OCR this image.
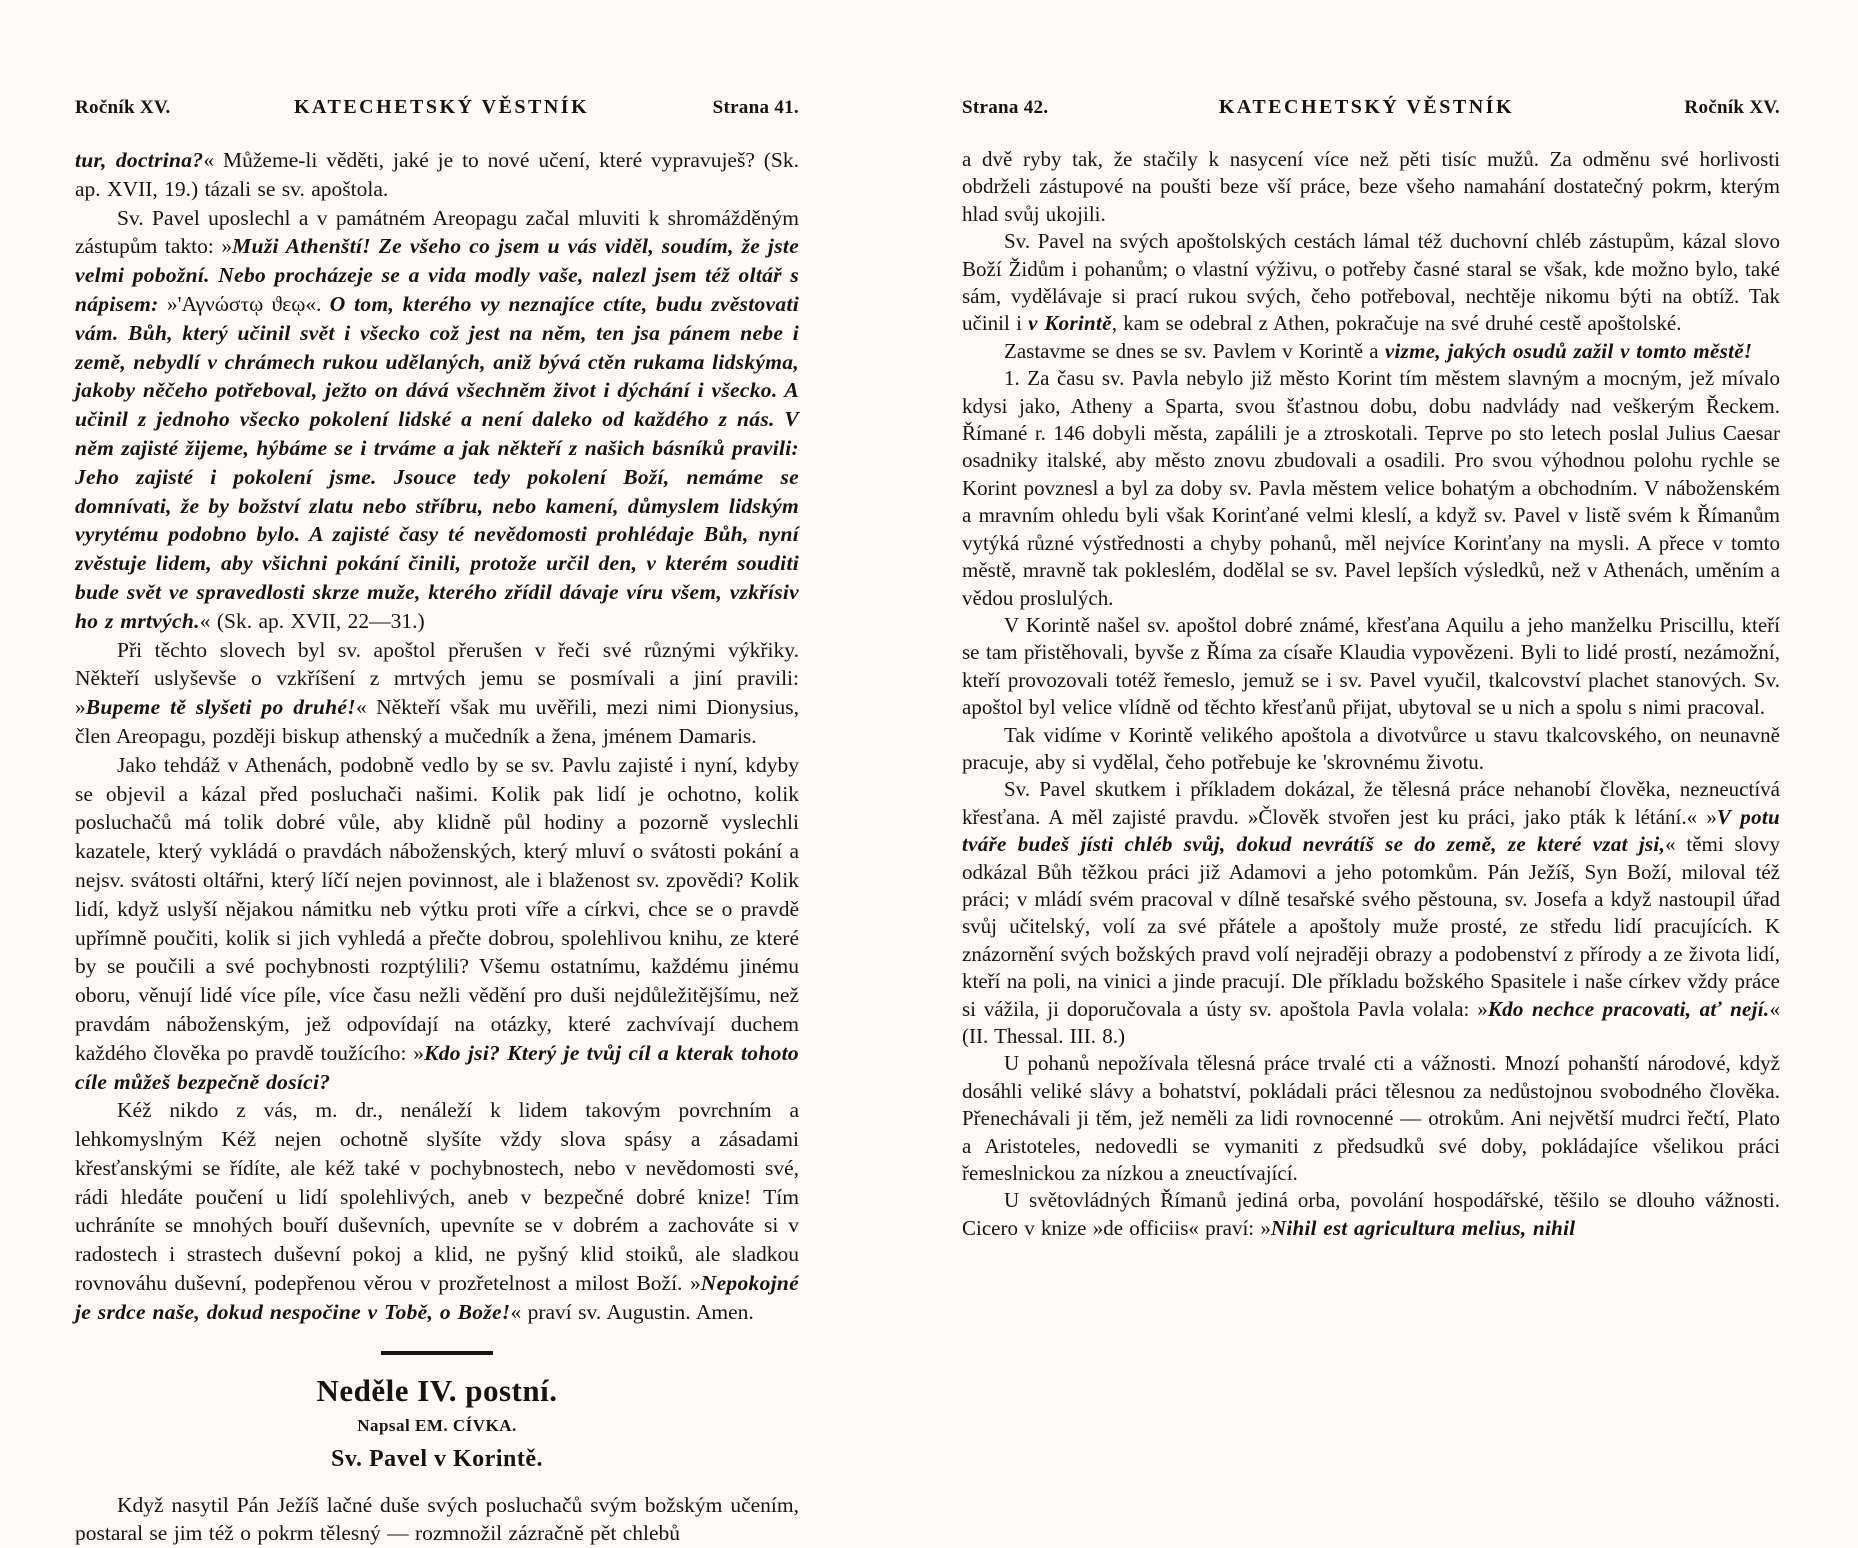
Ročník XV.	KATECHETSKÝ VĚSTNÍK	Strana 41.

tur, doctrina?« Můžeme-li věděti, jaké je to nové učení, které vypravuješ? (Sk. ap. XVII, 19.) tázali se sv. apoštola.

Sv. Pavel uposlechl a v památném Areopagu začal mluviti k shromážděným zástupům takto: »Muži Athenští! Ze všeho co jsem u vás viděl, soudím, že jste velmi pobožní. Nebo procházeje se a vida modly vaše, nalezl jsem též oltář s nápisem: »'Αγνώστῳ ϑεῳ«. O tom, kterého vy neznajíce ctíte, budu zvěstovati vám. Bůh, který učinil svět i všecko což jest na něm, ten jsa pánem nebe i země, nebydlí v chrámech rukou udělaných, aniž bývá ctěn rukama lidskýma, jakoby něčeho potřeboval, ježto on dává všechněm život i dýchání i všecko. A učinil z jednoho všecko pokolení lidské a není daleko od každého z nás. V něm zajisté žijeme, hýbáme se i trváme a jak někteří z našich básníků pravili: Jeho zajisté i pokolení jsme. Jsouce tedy pokolení Boží, nemáme se domnívati, že by božství zlatu nebo stříbru, nebo kamení, důmyslem lidským vyrytému podobno bylo. A zajisté časy té nevědomosti prohlédaje Bůh, nyní zvěstuje lidem, aby všichni pokání činili, protože určil den, v kterém souditi bude svět ve spravedlosti skrze muže, kterého zřídil dávaje víru všem, vzkřísiv ho z mrtvých.« (Sk. ap. XVII, 22—31.)

Při těchto slovech byl sv. apoštol přerušen v řeči své různými výkřiky. Někteří uslyševše o vzkříšení z mrtvých jemu se posmívali a jiní pravili: »Bupeme tě slyšeti po druhé!« Někteří však mu uvěřili, mezi nimi Dionysius, člen Areopagu, později biskup athenský a mučedník a žena, jménem Damaris.

Jako tehdáž v Athenách, podobně vedlo by se sv. Pavlu zajisté i nyní, kdyby se objevil a kázal před posluchači našimi. Kolik pak lidí je ochotno, kolik posluchačů má tolik dobré vůle, aby klidně půl hodiny a pozorně vyslechli kazatele, který vykládá o pravdách náboženských, který mluví o svátosti pokání a nejsv. svátosti oltářni, který líčí nejen povinnost, ale i blaženost sv. zpovědi? Kolik lidí, když uslyší nějakou námitku neb výtku proti víře a církvi, chce se o pravdě upřímně poučiti, kolik si jich vyhledá a přečte dobrou, spolehlivou knihu, ze které by se poučili a své pochybnosti rozptýlili? Všemu ostatnímu, každému jinému oboru, věnují lidé více píle, více času nežli vědění pro duši nejdůležitějšímu, než pravdám náboženským, jež odpovídají na otázky, které zachvívají duchem každého člověka po pravdě toužícího: »Kdo jsi? Který je tvůj cíl a kterak tohoto cíle můžeš bezpečně dosíci?

Kéž nikdo z vás, m. dr., nenáleží k lidem takovým povrchním a lehkomyslným Kéž nejen ochotně slyšíte vždy slova spásy a zásadami křesťanskými se řídíte, ale kéž také v pochybnostech, nebo v nevědomosti své, rádi hledáte poučení u lidí spolehlivých, aneb v bezpečné dobré knize! Tím uchráníte se mnohých bouří duševních, upevníte se v dobrém a zachováte si v radostech i strastech duševní pokoj a klid, ne pyšný klid stoiků, ale sladkou rovnováhu duševní, podepřenou věrou v prozřetelnost a milost Boží. »Nepokojné je srdce naše, dokud nespočine v Tobě, o Bože!« praví sv. Augustin. Amen.

Neděle IV. postní.
Napsal EM. CÍVKA.
Sv. Pavel v Korintě.

Když nasytil Pán Ježíš lačné duše svých posluchačů svým božským učením, postaral se jim též o pokrm tělesný — rozmnožil zázračně pět chlebů

Strana 42.	KATECHETSKÝ VĚSTNÍK	Ročník XV.

a dvě ryby tak, že stačily k nasycení více než pěti tisíc mužů. Za odměnu své horlivosti obdrželi zástupové na poušti beze vší práce, beze všeho namahání dostatečný pokrm, kterým hlad svůj ukojili.

Sv. Pavel na svých apoštolských cestách lámal též duchovní chléb zástupům, kázal slovo Boží Židům i pohanům; o vlastní výživu, o potřeby časné staral se však, kde možno bylo, také sám, vydělávaje si prací rukou svých, čeho potřeboval, nechtěje nikomu býti na obtíž. Tak učinil i v Korintě, kam se odebral z Athen, pokračuje na své druhé cestě apoštolské.

Zastavme se dnes se sv. Pavlem v Korintě a vizme, jakých osudů zažil v tomto městě!

1. Za času sv. Pavla nebylo již město Korint tím městem slavným a mocným, jež mívalo kdysi jako, Atheny a Sparta, svou šťastnou dobu, dobu nadvlády nad veškerým Řeckem. Římané r. 146 dobyli města, zapálili je a ztroskotali. Teprve po sto letech poslal Julius Caesar osadniky italské, aby město znovu zbudovali a osadili. Pro svou výhodnou polohu rychle se Korint povznesl a byl za doby sv. Pavla městem velice bohatým a obchodním. V náboženském a mravním ohledu byli však Korinťané velmi kleslí, a když sv. Pavel v listě svém k Římanům vytýká různé výstřednosti a chyby pohanů, měl nejvíce Korinťany na mysli. A přece v tomto městě, mravně tak pokleslém, dodělal se sv. Pavel lepších výsledků, než v Athenách, uměním a vědou proslulých.

V Korintě našel sv. apoštol dobré známé, křesťana Aquilu a jeho manželku Priscillu, kteří se tam přistěhovali, byvše z Říma za císaře Klaudia vypovězeni. Byli to lidé prostí, nezámožní, kteří provozovali totéž řemeslo, jemuž se i sv. Pavel vyučil, tkalcovství plachet stanových. Sv. apoštol byl velice vlídně od těchto křesťanů přijat, ubytoval se u nich a spolu s nimi pracoval.

Tak vidíme v Korintě velikého apoštola a divotvůrce u stavu tkalcovského, on neunavně pracuje, aby si vydělal, čeho potřebuje ke 'skrovnému životu.

Sv. Pavel skutkem i příkladem dokázal, že tělesná práce nehanobí člověka, nezneuctívá křesťana. A měl zajisté pravdu. »Člověk stvořen jest ku práci, jako pták k létání.« »V potu tváře budeš jísti chléb svůj, dokud nevrátíš se do země, ze které vzat jsi,« těmi slovy odkázal Bůh těžkou práci již Adamovi a jeho potomkům. Pán Ježíš, Syn Boží, miloval též práci; v mládí svém pracoval v dílně tesařské svého pěstouna, sv. Josefa a když nastoupil úřad svůj učitelský, volí za své přátele a apoštoly muže prosté, ze středu lidí pracujících. K znázornění svých božských pravd volí nejraději obrazy a podobenství z přírody a ze života lidí, kteří na poli, na vinici a jinde pracují. Dle příkladu božského Spasitele i naše církev vždy práce si vážila, ji doporučovala a ústy sv. apoštola Pavla volala: »Kdo nechce pracovati, ať nejí.« (II. Thessal. III. 8.)

U pohanů nepožívala tělesná práce trvalé cti a vážnosti. Mnozí pohanští národové, když dosáhli veliké slávy a bohatství, pokládali práci tělesnou za nedůstojnou svobodného člověka. Přenechávali ji těm, jež neměli za lidi rovnocenné — otrokům. Ani největší mudrci řečtí, Plato a Aristoteles, nedovedli se vymaniti z předsudků své doby, pokládajíce všelikou práci řemeslnickou za nízkou a zneuctívající.

U světovládných Římanů jediná orba, povolání hospodářské, těšilo se dlouho vážnosti. Cicero v knize »de officiis« praví: »Nihil est agricultura melius, nihil
